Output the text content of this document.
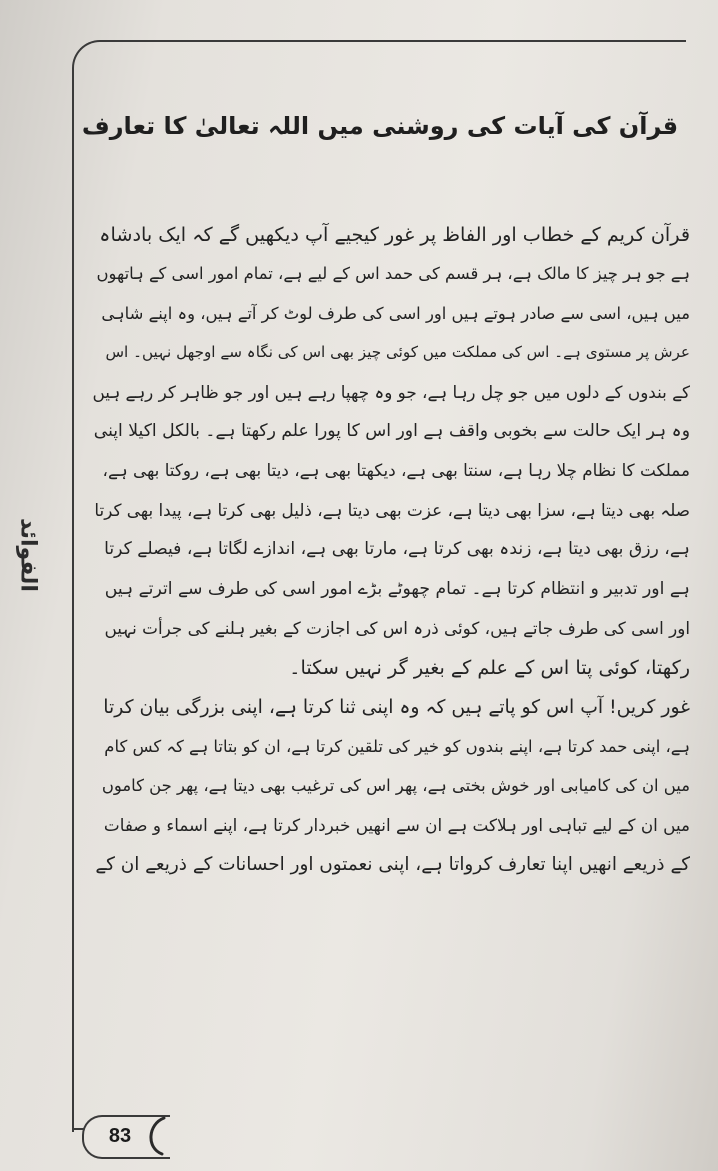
الفوائد
قرآن کی آیات کی روشنی میں اللہ تعالیٰ کا تعارف
قرآن کریم کے خطاب اور الفاظ پر غور کیجیے آپ دیکھیں گے کہ ایک بادشاہ
ہے جو ہر چیز کا مالک ہے، ہر قسم کی حمد اس کے لیے ہے، تمام امور اسی کے ہاتھوں
میں ہیں، اسی سے صادر ہوتے ہیں اور اسی کی طرف لوٹ کر آتے ہیں، وہ اپنے شاہی
عرش پر مستوی ہے۔ اس کی مملکت میں کوئی چیز بھی اس کی نگاہ سے اوجھل نہیں۔ اس
کے بندوں کے دلوں میں جو چل رہا ہے، جو وہ چھپا رہے ہیں اور جو ظاہر کر رہے ہیں
وہ ہر ایک حالت سے بخوبی واقف ہے اور اس کا پورا علم رکھتا ہے۔ بالکل اکیلا اپنی
مملکت کا نظام چلا رہا ہے، سنتا بھی ہے، دیکھتا بھی ہے، دیتا بھی ہے، روکتا بھی ہے،
صلہ بھی دیتا ہے، سزا بھی دیتا ہے، عزت بھی دیتا ہے، ذلیل بھی کرتا ہے، پیدا بھی کرتا
ہے، رزق بھی دیتا ہے، زندہ بھی کرتا ہے، مارتا بھی ہے، اندازے لگاتا ہے، فیصلے کرتا
ہے اور تدبیر و انتظام کرتا ہے۔ تمام چھوٹے بڑے امور اسی کی طرف سے اترتے ہیں
اور اسی کی طرف جاتے ہیں، کوئی ذرہ اس کی اجازت کے بغیر ہلنے کی جرأت نہیں
رکھتا، کوئی پتا اس کے علم کے بغیر گر نہیں سکتا۔
غور کریں! آپ اس کو پاتے ہیں کہ وہ اپنی ثنا کرتا ہے، اپنی بزرگی بیان کرتا
ہے، اپنی حمد کرتا ہے، اپنے بندوں کو خیر کی تلقین کرتا ہے، ان کو بتاتا ہے کہ کس کام
میں ان کی کامیابی اور خوش بختی ہے، پھر اس کی ترغیب بھی دیتا ہے، پھر جن کاموں
میں ان کے لیے تباہی اور ہلاکت ہے ان سے انھیں خبردار کرتا ہے، اپنے اسماء و صفات
کے ذریعے انھیں اپنا تعارف کرواتا ہے، اپنی نعمتوں اور احسانات کے ذریعے ان کے
83
